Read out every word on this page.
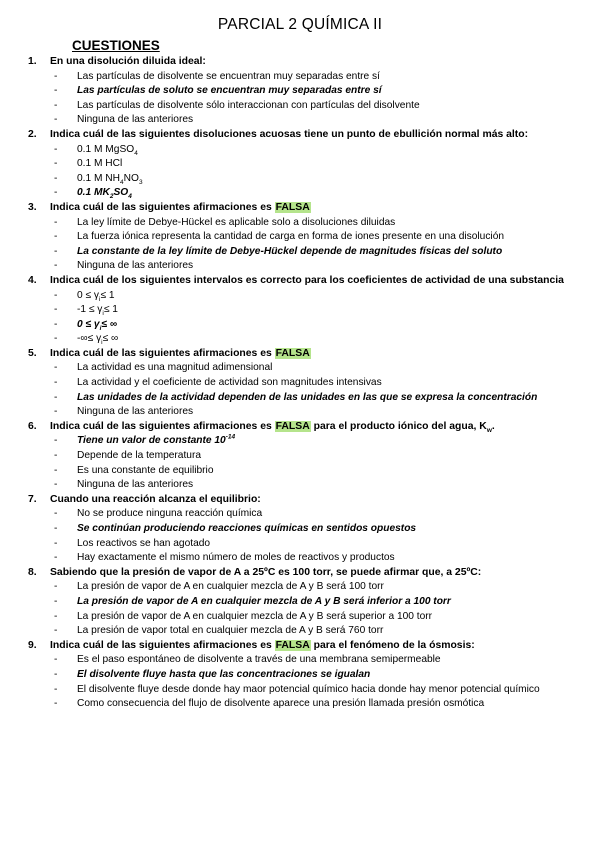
PARCIAL 2 QUÍMICA II
CUESTIONES
1.	En una disolución diluida ideal:
-	Las partículas de disolvente se encuentran muy separadas entre sí
-	Las partículas de soluto se encuentran muy separadas entre sí
-	Las partículas de disolvente sólo interaccionan con partículas del disolvente
-	Ninguna de las anteriores
2.	Indica cuál de las siguientes disoluciones acuosas tiene un punto de ebullición normal más alto:
-	0.1 M MgSO$_4$
-	0.1 M HCl
-	0.1 M $NH_4NO_3$
-	0.1 $MK_2SO_4$
3.	Indica cuál de las siguientes afirmaciones es FALSA
-	La ley límite de Debye-Hückel es aplicable solo a disoluciones diluidas
-	La fuerza iónica representa la cantidad de carga en forma de iones presente en una disolución
-	La constante de la ley límite de Debye-Hückel depende de magnitudes físicas del soluto
-	Ninguna de las anteriores
4.	Indica cuál de los siguientes intervalos es correcto para los coeficientes de actividad de una substancia
-	$0 \le \gamma_i\le 1$
-	$-1 \le \gamma_i\le 1$
-	$0 \le \gamma_i\le$ ∞
-	-∞≤ $\gamma_i\le$ ∞
5.	Indica cuál de las siguientes afirmaciones es FALSA
-	La actividad es una magnitud adimensional
-	La actividad y el coeficiente de actividad son magnitudes intensivas
-	Las unidades de la actividad dependen de las unidades en las que se expresa la concentración
-	Ninguna de las anteriores
6.	Indica cuál de las siguientes afirmaciones es FALSA para el producto iónico del agua, $K_w$.
-	Tiene un valor de constante $10^{-14}$
-	Depende de la temperatura
-	Es una constante de equilibrio
-	Ninguna de las anteriores
7.	Cuando una reacción alcanza el equilibrio:
-	No se produce ninguna reacción química
-	Se continúan produciendo reacciones químicas en sentidos opuestos
-	Los reactivos se han agotado
-	Hay exactamente el mismo número de moles de reactivos y productos
8.	Sabiendo que la presión de vapor de A a 25ºC es 100 torr, se puede afirmar que, a 25ºC:
-	La presión de vapor de A en cualquier mezcla de A y B será 100 torr
-	La presión de vapor de A en cualquier mezcla de A y B será inferior a 100 torr
-	La presión de vapor de A en cualquier mezcla de A y B será superior a 100 torr
-	La presión de vapor total en cualquier mezcla de A y B será 760 torr
9.	Indica cuál de las siguientes afirmaciones es FALSA para el fenómeno de la ósmosis:
-	Es el paso espontáneo de disolvente a través de una membrana semipermeable
-	El disolvente fluye hasta que las concentraciones se igualan
-	El disolvente fluye desde donde hay maor potencial químico hacia donde hay menor potencial químico
-	Como consecuencia del flujo de disolvente aparece una presión llamada presión osmótica
